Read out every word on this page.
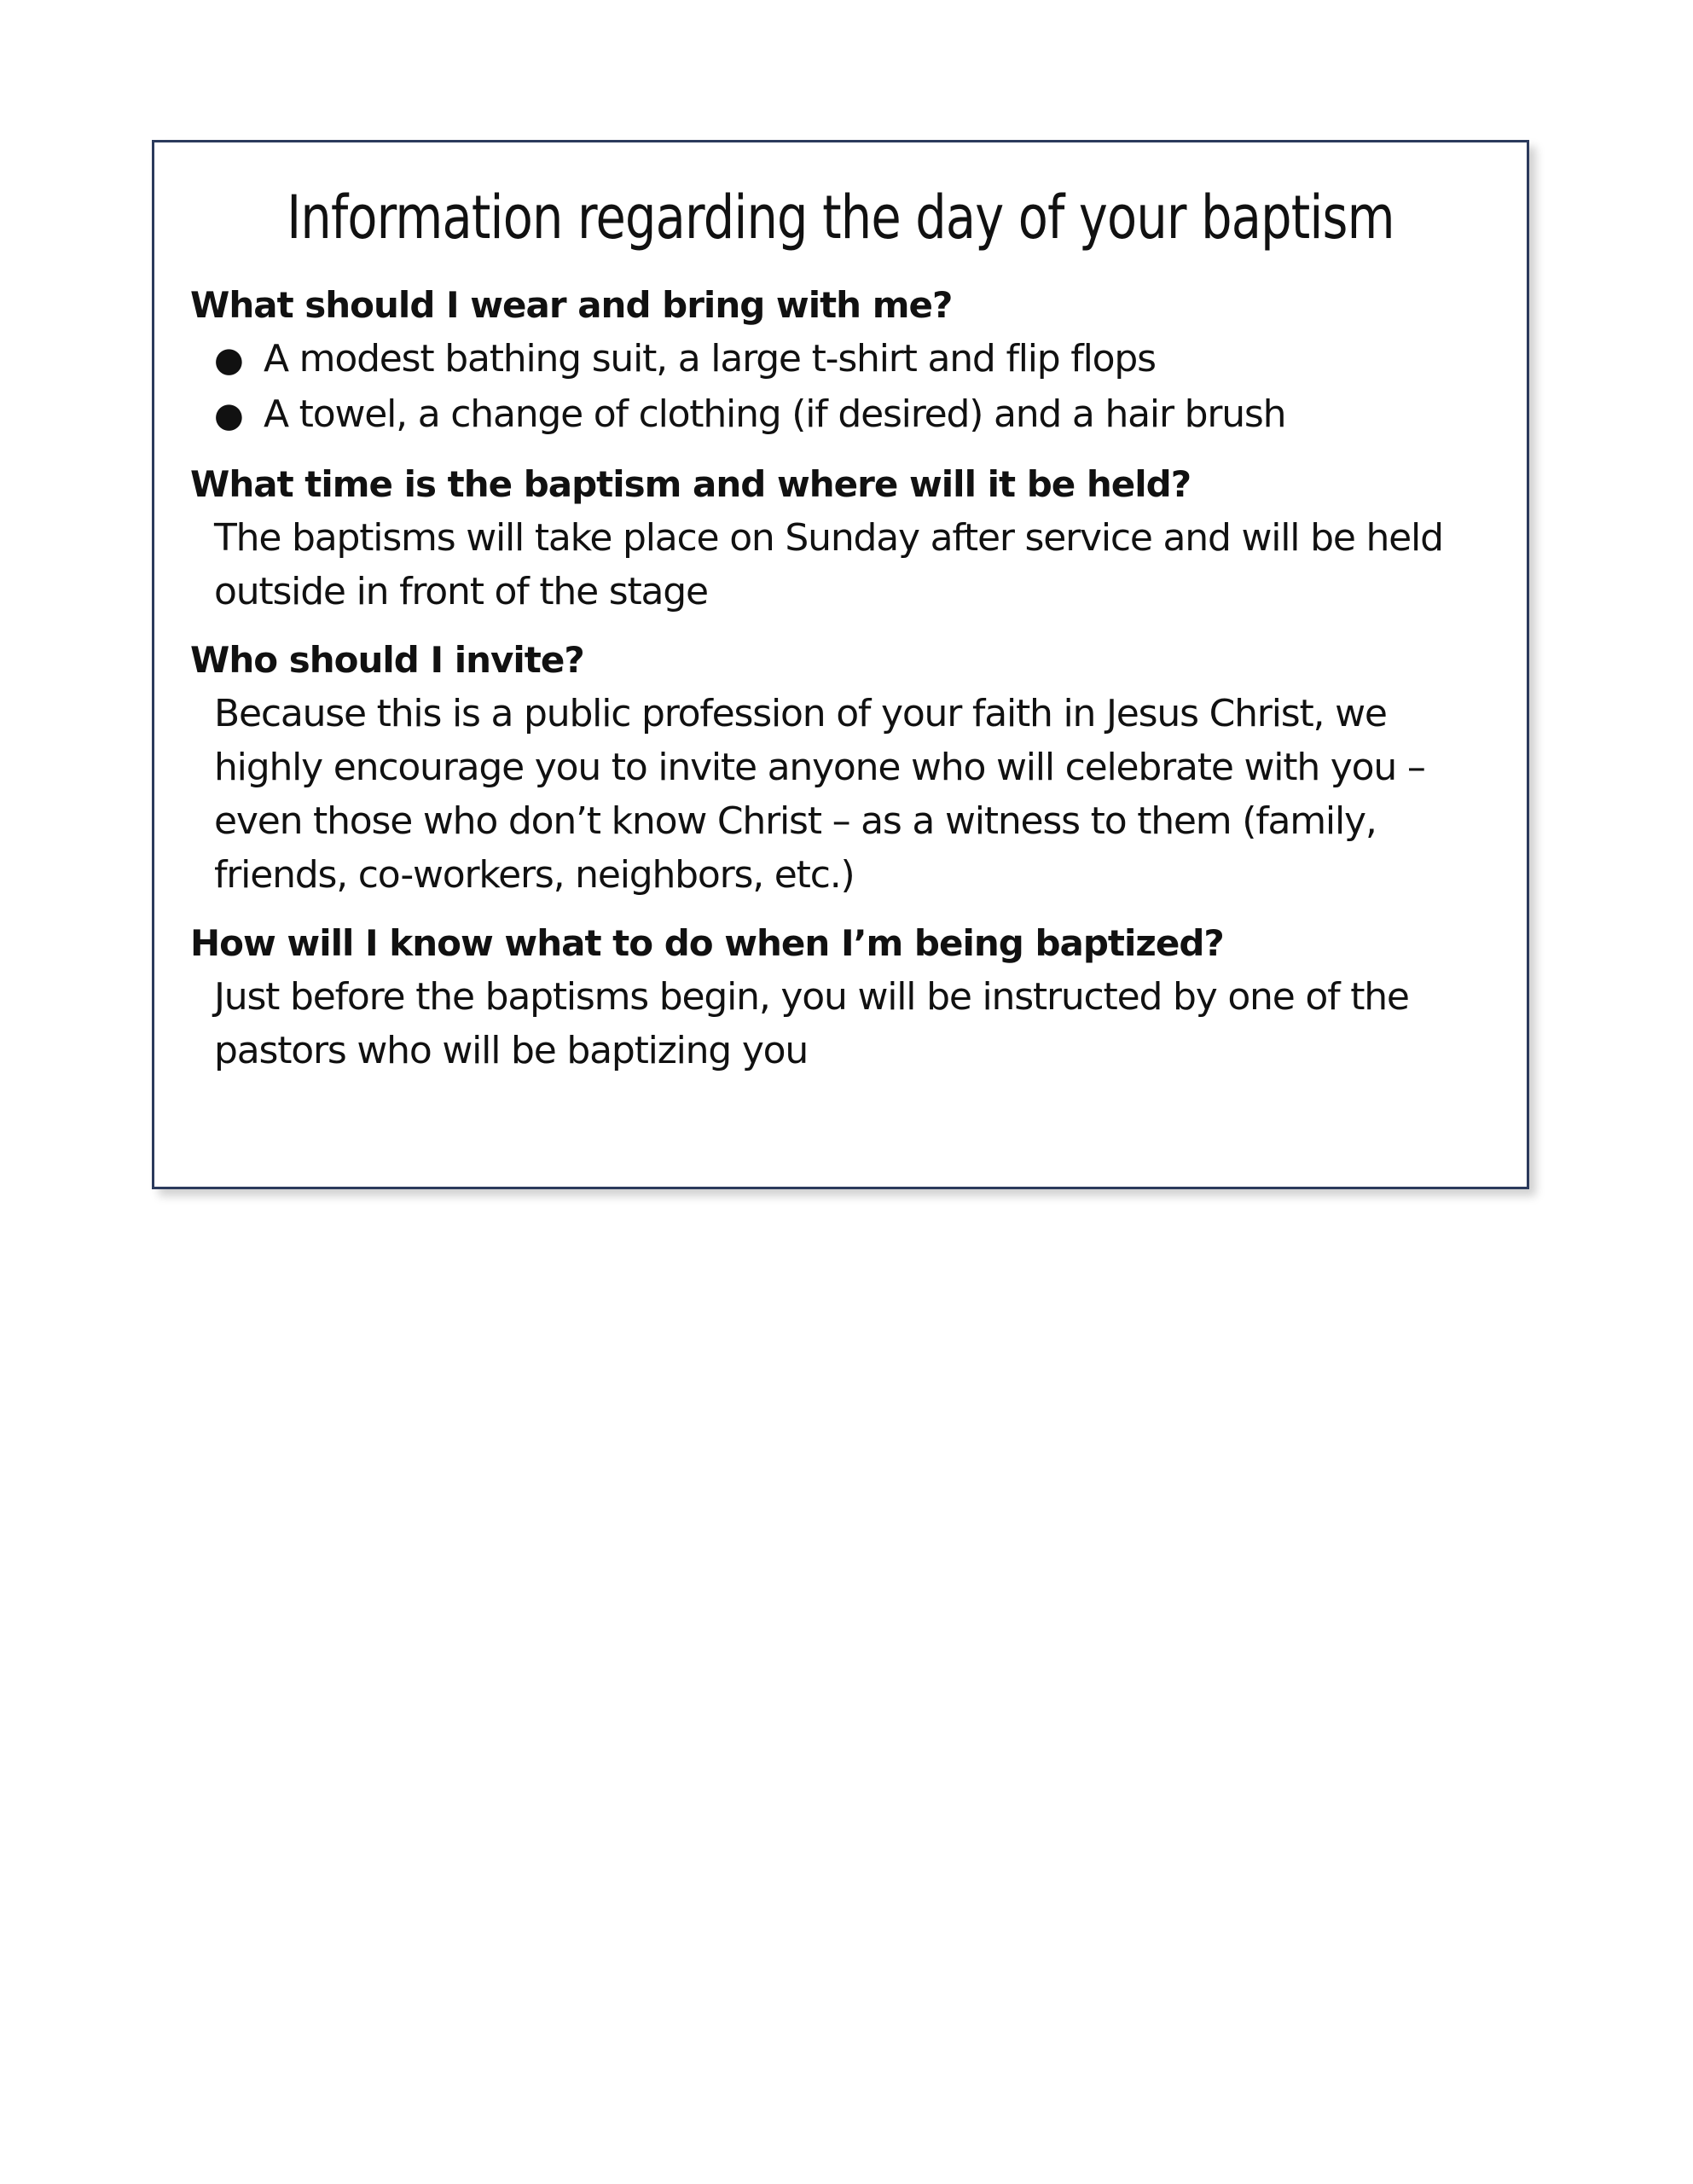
Information regarding the day of your baptism

What should I wear and bring with me?

● A modest bathing suit, a large t-shirt and flip flops
● A towel, a change of clothing (if desired) and a hair brush

What time is the baptism and where will it be held?

The baptisms will take place on Sunday after service and will be held outside in front of the stage

Who should I invite?

Because this is a public profession of your faith in Jesus Christ, we highly encourage you to invite anyone who will celebrate with you – even those who don’t know Christ – as a witness to them (family, friends, co-workers, neighbors, etc.)

How will I know what to do when I’m being baptized?

Just before the baptisms begin, you will be instructed by one of the pastors who will be baptizing you
